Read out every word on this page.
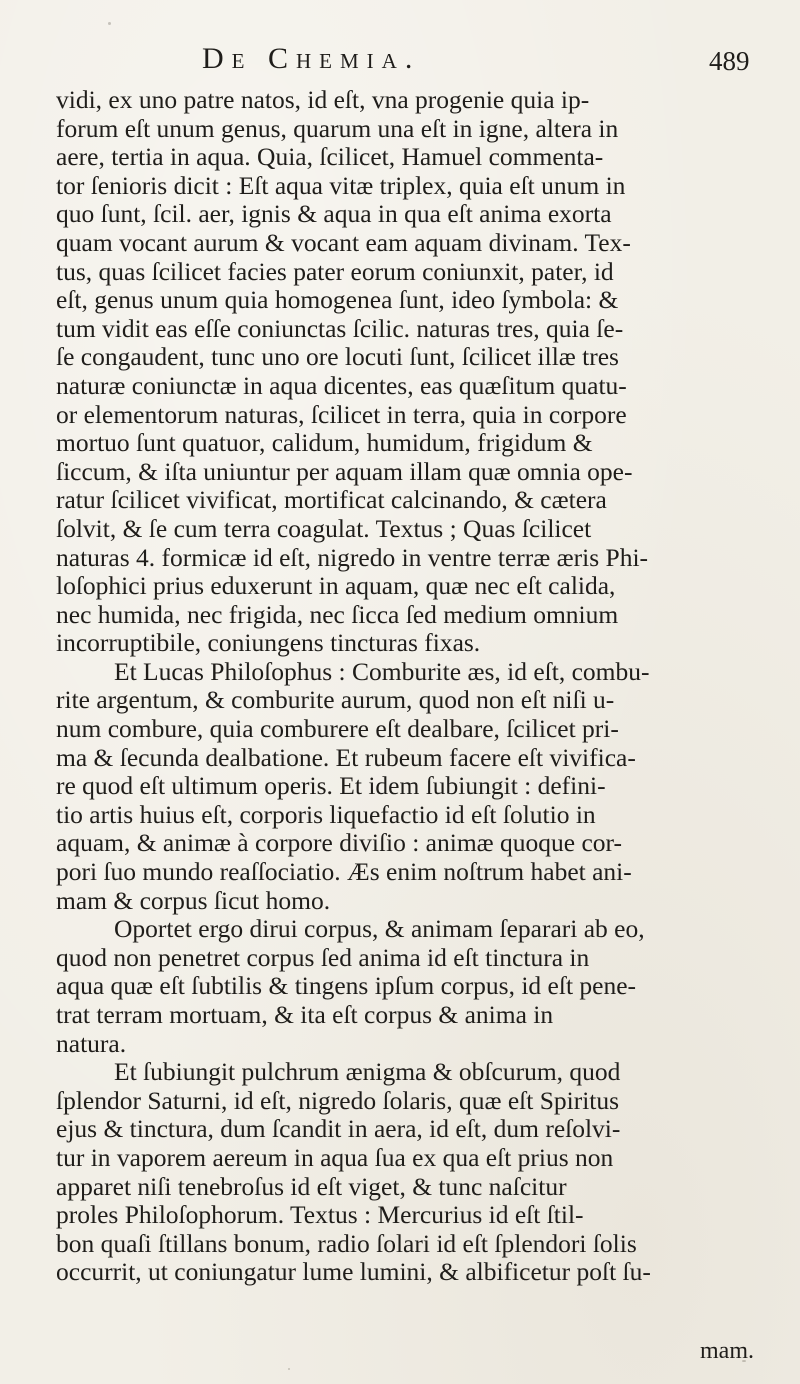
De Chemia.	489
vidi, ex uno patre natos, id eſt, vna progenie quia ip-
forum eſt unum genus, quarum una eſt in igne, altera in
aere, tertia in aqua. Quia, ſcilicet, Hamuel commenta-
tor ſenioris dicit : Eſt aqua vitæ triplex, quia eſt unum in
quo ſunt, ſcil. aer, ignis & aqua in qua eſt anima exorta
quam vocant aurum & vocant eam aquam divinam. Tex-
tus, quas ſcilicet facies pater eorum coniunxit, pater, id
eſt, genus unum quia homogenea ſunt, ideo ſymbola: &
tum vidit eas eſſe coniunctas ſcilic. naturas tres, quia ſe-
ſe congaudent, tunc uno ore locuti ſunt, ſcilicet illæ tres
naturæ coniunctæ in aqua dicentes, eas quæſitum quatu-
or elementorum naturas, ſcilicet in terra, quia in corpore
mortuo ſunt quatuor, calidum, humidum, frigidum &
ſiccum, & iſta uniuntur per aquam illam quæ omnia ope-
ratur ſcilicet vivificat, mortificat calcinando, & cætera
ſolvit, & ſe cum terra coagulat. Textus ; Quas ſcilicet
naturas 4. formicæ id eſt, nigredo in ventre terræ æris Phi-
loſophici prius eduxerunt in aquam, quæ nec eſt calida,
nec humida, nec frigida, nec ſicca ſed medium omnium
incorruptibile, coniungens tincturas fixas.
Et Lucas Philoſophus : Comburite æs, id eſt, combu-
rite argentum, & comburite aurum, quod non eſt niſi u-
num combure, quia comburere eſt dealbare, ſcilicet pri-
ma & ſecunda dealbatione. Et rubeum facere eſt vivifica-
re quod eſt ultimum operis. Et idem ſubiungit : defini-
tio artis huius eſt, corporis liquefactio id eſt ſolutio in
aquam, & animæ à corpore diviſio : animæ quoque cor-
pori ſuo mundo reaſſociatio. Æs enim noſtrum habet ani-
mam & corpus ſicut homo.
Oportet ergo dirui corpus, & animam ſeparari ab eo,
quod non penetret corpus ſed anima id eſt tinctura in
aqua quæ eſt ſubtilis & tingens ipſum corpus, id eſt pene-
trat terram mortuam, & ita eſt corpus & anima in
natura.
Et ſubiungit pulchrum ænigma & obſcurum, quod
ſplendor Saturni, id eſt, nigredo ſolaris, quæ eſt Spiritus
ejus & tinctura, dum ſcandit in aera, id eſt, dum reſolvi-
tur in vaporem aereum in aqua ſua ex qua eſt prius non
apparet niſi tenebroſus id eſt viget, & tunc naſcitur
proles Philoſophorum. Textus : Mercurius id eſt ſtil-
bon quaſi ſtillans bonum, radio ſolari id eſt ſplendori ſolis
occurrit, ut coniungatur lume lumini, & albificetur poſt ſu-
mam.
